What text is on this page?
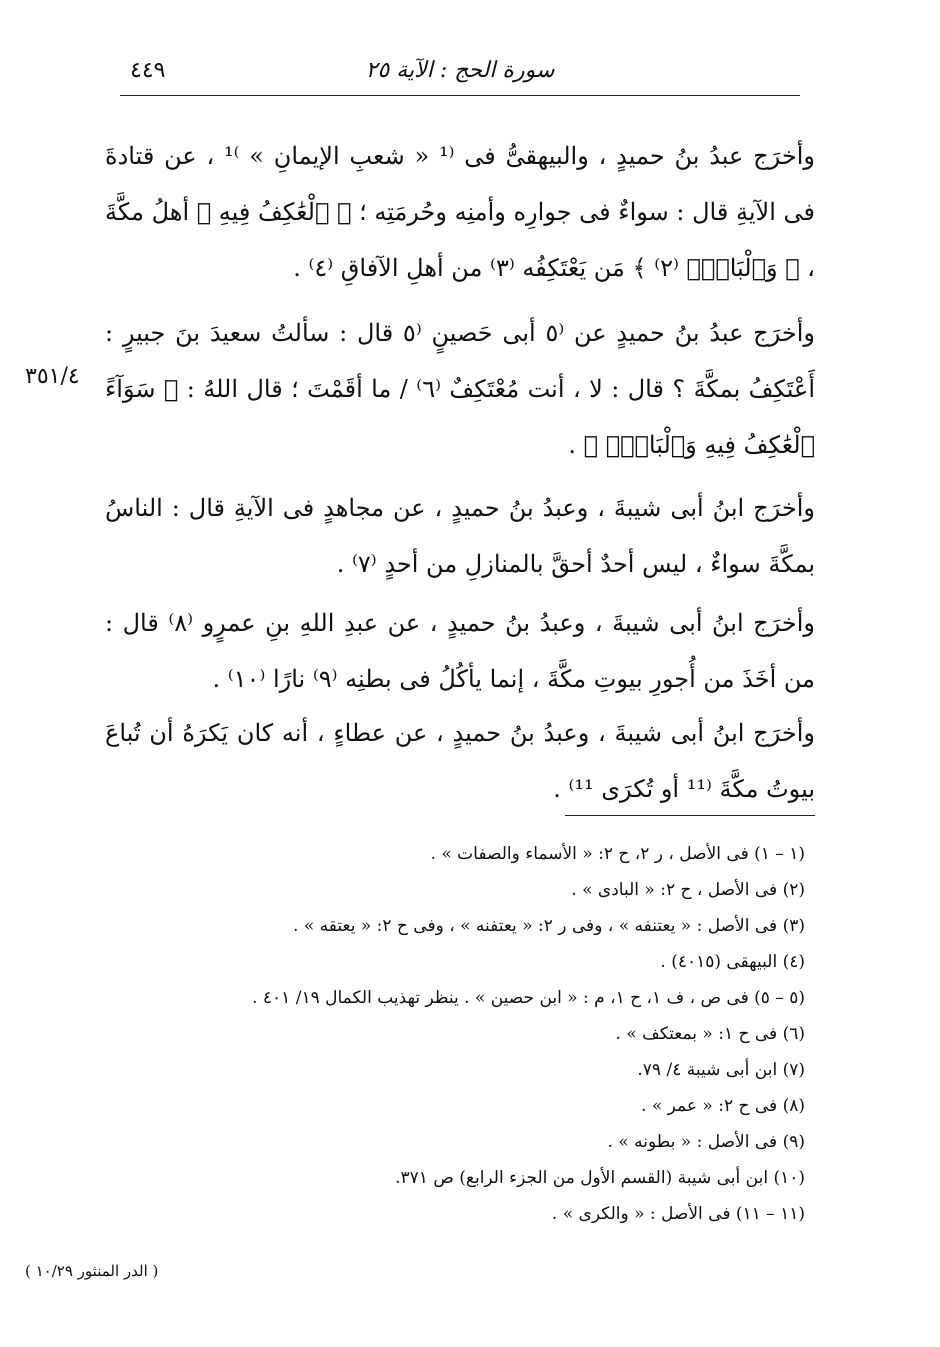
سورة الحج : الآية ٢٥
٤٤٩

وأخرَج عبدُ بنُ حميدٍ ، والبيهقىُّ فى ⁽¹ « شعبِ الإيمانِ » ⁾¹ ، عن قتادةَ فى الآيةِ قال : سواءٌ فى جوارِه وأمنِه وحُرمَتِه ؛ ﴿ ٱلْعَٰكِفُ فِيهِ ﴾ أهلُ مكَّةَ ، ﴿ وَٱلْبَادِۚ ⁽٢⁾ ﴾ مَن يَعْتَكِفُه ⁽٣⁾ من أهلِ الآفاقِ ⁽٤⁾ .

وأخرَج عبدُ بنُ حميدٍ عن ⁽٥ أبى حَصينٍ ⁽٥ قال : سألتُ سعيدَ بنَ جبيرٍ : أَعْتَكِفُ بمكَّةَ ؟ قال : لا ، أنت مُعْتَكِفٌ ⁽٦⁾ / ما أقَمْتَ ؛ قال اللهُ : ﴿ سَوَآءً ٱلْعَٰكِفُ فِيهِ وَٱلْبَادِۚ ﴾ .

وأخرَج ابنُ أبى شيبةَ ، وعبدُ بنُ حميدٍ ، عن مجاهدٍ فى الآيةِ قال : الناسُ بمكَّةَ سواءٌ ، ليس أحدٌ أحقَّ بالمنازلِ من أحدٍ ⁽٧⁾ .

وأخرَج ابنُ أبى شيبةَ ، وعبدُ بنُ حميدٍ ، عن عبدِ اللهِ بنِ عمرٍو ⁽٨⁾ قال : من أخَذَ من أُجورِ بيوتِ مكَّةَ ، إنما يأكُلُ فى بطنِه ⁽٩⁾ نارًا ⁽١٠⁾ .

وأخرَج ابنُ أبى شيبةَ ، وعبدُ بنُ حميدٍ ، عن عطاءٍ ، أنه كان يَكرَهُ أن تُباعَ بيوتُ مكَّةَ ⁽¹¹ أو تُكرَى ¹¹⁾ .

٣٥١/٤

(١ – ١) فى الأصل ، ر ٢، ح ٢: « الأسماء والصفات » .

(٢) فى الأصل ، ح ٢: « البادى » .

(٣) فى الأصل : « يعتنفه » ، وفى ر ٢: « يعتفنه » ، وفى ح ٢: « يعتقه » .

(٤) البيهقى (٤٠١٥) .

(٥ – ٥) فى ص ، ف ١، ح ١، م : « ابن حصين » . ينظر تهذيب الكمال ١٩/ ٤٠١ .

(٦) فى ح ١: « بمعتكف » .

(٧) ابن أبى شيبة ٤/ ٧٩.

(٨) فى ح ٢: « عمر » .

(٩) فى الأصل : « بطونه » .

(١٠) ابن أبى شيبة (القسم الأول من الجزء الرابع) ص ٣٧١.

(١١ – ١١) فى الأصل : « والكرى » .

( الدر المنثور ١٠/٢٩ )
